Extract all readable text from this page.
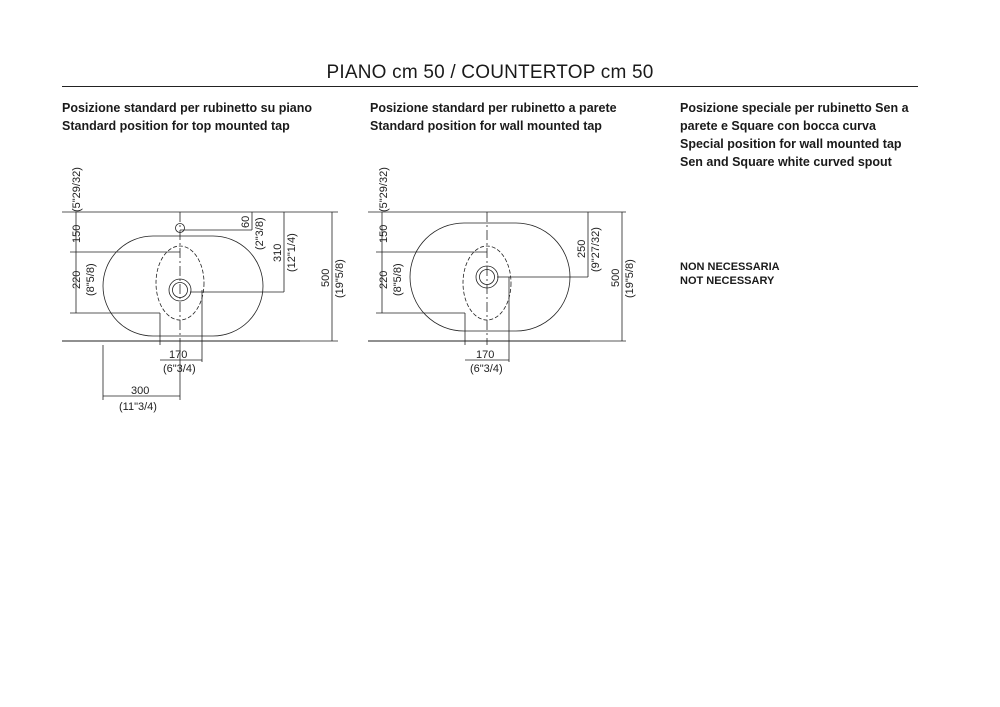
PIANO cm 50 / COUNTERTOP cm 50
Posizione standard per rubinetto su piano
Standard position for top mounted tap
Posizione standard per rubinetto a parete
Standard position for wall mounted tap
Posizione speciale per rubinetto Sen a
parete e Square con bocca curva
Special position for wall mounted tap
Sen and Square white curved spout
NON NECESSARIA
NOT NECESSARY
(5"29/32)
150
220 (8"5/8)
60 (2"3/8)
310 (12"1/4)
500 (19"5/8)
170
(6"3/4)
300
(11"3/4)
(5"29/32)
150
220 (8"5/8)
250 (9"27/32)
500 (19"5/8)
170
(6"3/4)
